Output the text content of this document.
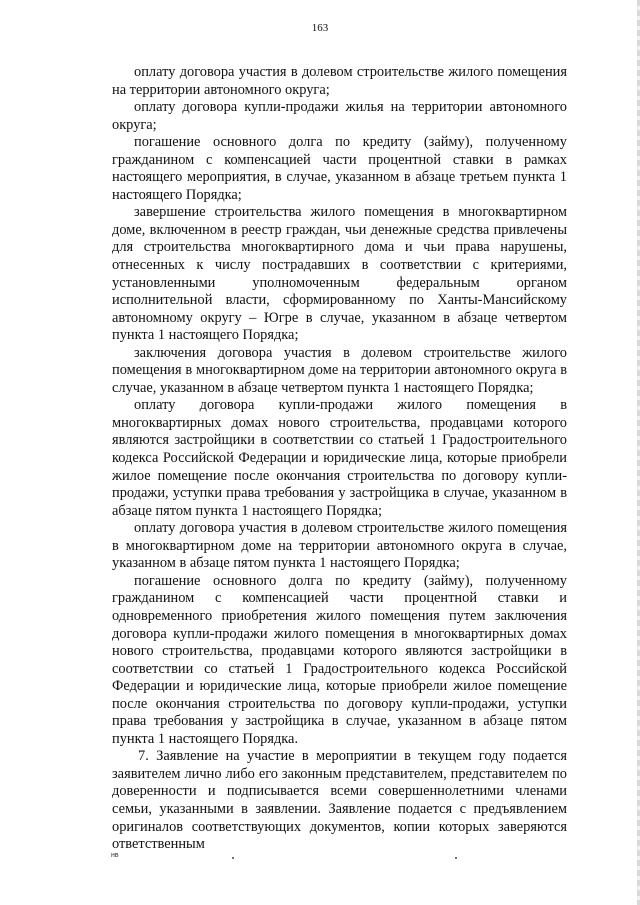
163

оплату договора участия в долевом строительстве жилого помещения на территории автономного округа;

оплату договора купли-продажи жилья на территории автономного округа;

погашение основного долга по кредиту (займу), полученному гражданином с компенсацией части процентной ставки в рамках настоящего мероприятия, в случае, указанном в абзаце третьем пункта 1 настоящего Порядка;

завершение строительства жилого помещения в многоквартирном доме, включенном в реестр граждан, чьи денежные средства привлечены для строительства многоквартирного дома и чьи права нарушены, отнесенных к числу пострадавших в соответствии с критериями, установленными уполномоченным федеральным органом исполнительной власти, сформированному по Ханты-Мансийскому автономному округу – Югре в случае, указанном в абзаце четвертом пункта 1 настоящего Порядка;

заключения договора участия в долевом строительстве жилого помещения в многоквартирном доме на территории автономного округа в случае, указанном в абзаце четвертом пункта 1 настоящего Порядка;

оплату договора купли-продажи жилого помещения в многоквартирных домах нового строительства, продавцами которого являются застройщики в соответствии со статьей 1 Градостроительного кодекса Российской Федерации и юридические лица, которые приобрели жилое помещение после окончания строительства по договору купли-продажи, уступки права требования у застройщика в случае, указанном в абзаце пятом пункта 1 настоящего Порядка;

оплату договора участия в долевом строительстве жилого помещения в многоквартирном доме на территории автономного округа в случае, указанном в абзаце пятом пункта 1 настоящего Порядка;

погашение основного долга по кредиту (займу), полученному гражданином с компенсацией части процентной ставки и одновременного приобретения жилого помещения путем заключения договора купли-продажи жилого помещения в многоквартирных домах нового строительства, продавцами которого являются застройщики в соответствии со статьей 1 Градостроительного кодекса Российской Федерации и юридические лица, которые приобрели жилое помещение после окончания строительства по договору купли-продажи, уступки права требования у застройщика в случае, указанном в абзаце пятом пункта 1 настоящего Порядка.

7. Заявление на участие в мероприятии в текущем году подается заявителем лично либо его законным представителем, представителем по доверенности и подписывается всеми совершеннолетними членами семьи, указанными в заявлении. Заявление подается с предъявлением оригиналов соответствующих документов, копии которых заверяются ответственным

нв
